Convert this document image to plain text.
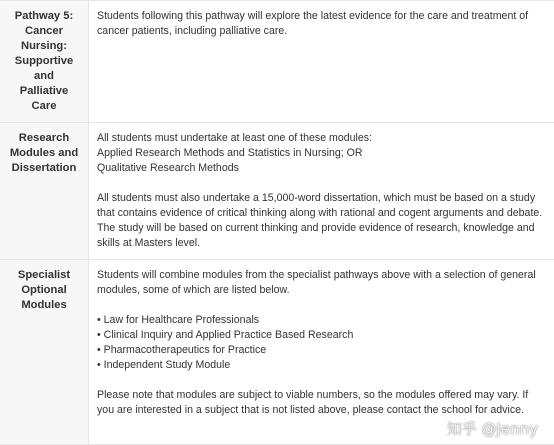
Pathway 5: Cancer Nursing: Supportive and Palliative Care

Students following this pathway will explore the latest evidence for the care and treatment of cancer patients, including palliative care.

Research Modules and Dissertation

All students must undertake at least one of these modules: Applied Research Methods and Statistics in Nursing; OR Qualitative Research Methods

All students must also undertake a 15,000-word dissertation, which must be based on a study that contains evidence of critical thinking along with rational and cogent arguments and debate. The study will be based on current thinking and provide evidence of research, knowledge and skills at Masters level.

Specialist Optional Modules

Students will combine modules from the specialist pathways above with a selection of general modules, some of which are listed below.

• Law for Healthcare Professionals
• Clinical Inquiry and Applied Practice Based Research
• Pharmacotherapeutics for Practice
• Independent Study Module

Please note that modules are subject to viable numbers, so the modules offered may vary. If you are interested in a subject that is not listed above, please contact the school for advice.

知乎 @Jenny
